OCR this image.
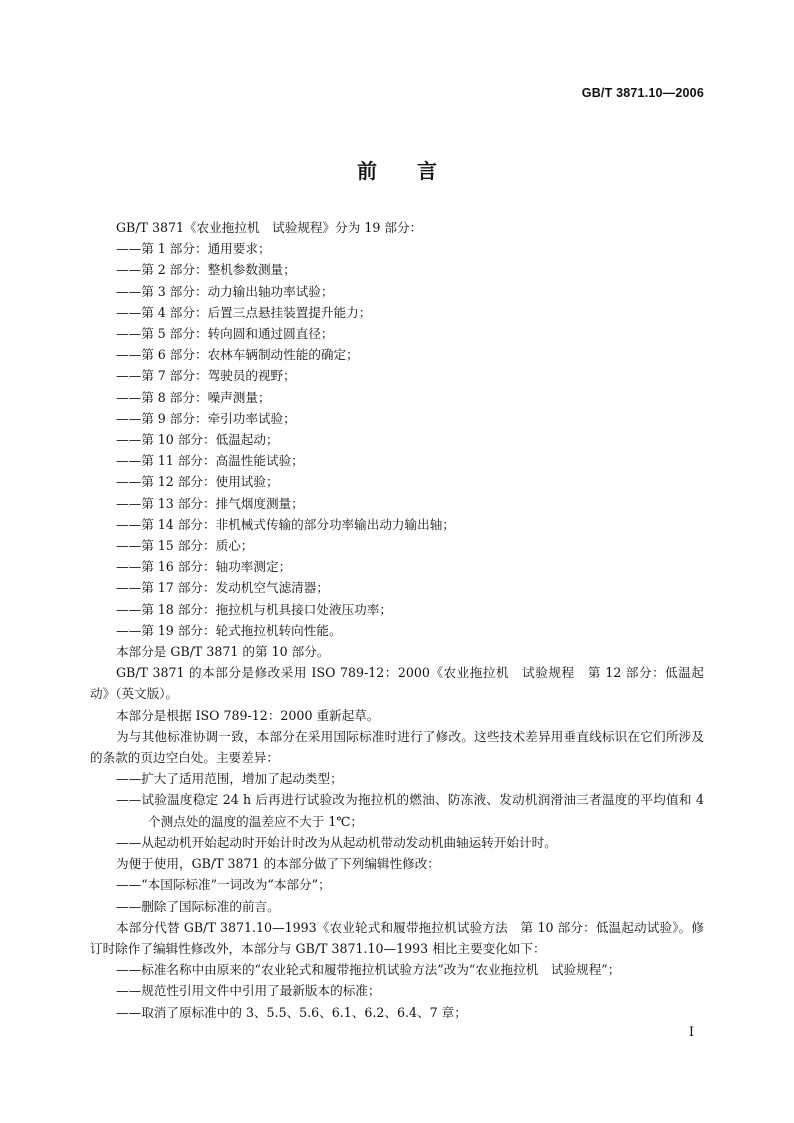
GB/T 3871.10—2006
前言

GB/T 3871《农业拖拉机　试验规程》分为 19 部分：

——第 1 部分：通用要求；

——第 2 部分：整机参数测量；

——第 3 部分：动力输出轴功率试验；

——第 4 部分：后置三点悬挂装置提升能力；

——第 5 部分：转向圆和通过圆直径；

——第 6 部分：农林车辆制动性能的确定；

——第 7 部分：驾驶员的视野；

——第 8 部分：噪声测量；

——第 9 部分：牵引功率试验；

——第 10 部分：低温起动；

——第 11 部分：高温性能试验；

——第 12 部分：使用试验；

——第 13 部分：排气烟度测量；

——第 14 部分：非机械式传输的部分功率输出动力输出轴；

——第 15 部分：质心；

——第 16 部分：轴功率测定；

——第 17 部分：发动机空气滤清器；

——第 18 部分：拖拉机与机具接口处液压功率；

——第 19 部分：轮式拖拉机转向性能。

本部分是 GB/T 3871 的第 10 部分。

GB/T 3871 的本部分是修改采用 ISO 789-12：2000《农业拖拉机　试验规程　第 12 部分：低温起动》（英文版）。

本部分是根据 ISO 789-12：2000 重新起草。

为与其他标准协调一致，本部分在采用国际标准时进行了修改。这些技术差异用垂直线标识在它们所涉及的条款的页边空白处。主要差异：

——扩大了适用范围，增加了起动类型；

——试验温度稳定 24 h 后再进行试验改为拖拉机的燃油、防冻液、发动机润滑油三者温度的平均值和 4 个测点处的温度的温差应不大于 1℃；

——从起动机开始起动时开始计时改为从起动机带动发动机曲轴运转开始计时。

为便于使用，GB/T 3871 的本部分做了下列编辑性修改：

——“本国际标准”一词改为“本部分”；

——删除了国际标准的前言。

本部分代替 GB/T 3871.10—1993《农业轮式和履带拖拉机试验方法　第 10 部分：低温起动试验》。修订时除作了编辑性修改外，本部分与 GB/T 3871.10—1993 相比主要变化如下：

——标准名称中由原来的“农业轮式和履带拖拉机试验方法”改为“农业拖拉机　试验规程”；

——规范性引用文件中引用了最新版本的标准；

——取消了原标准中的 3、5.5、5.6、6.1、6.2、6.4、7 章；

I
